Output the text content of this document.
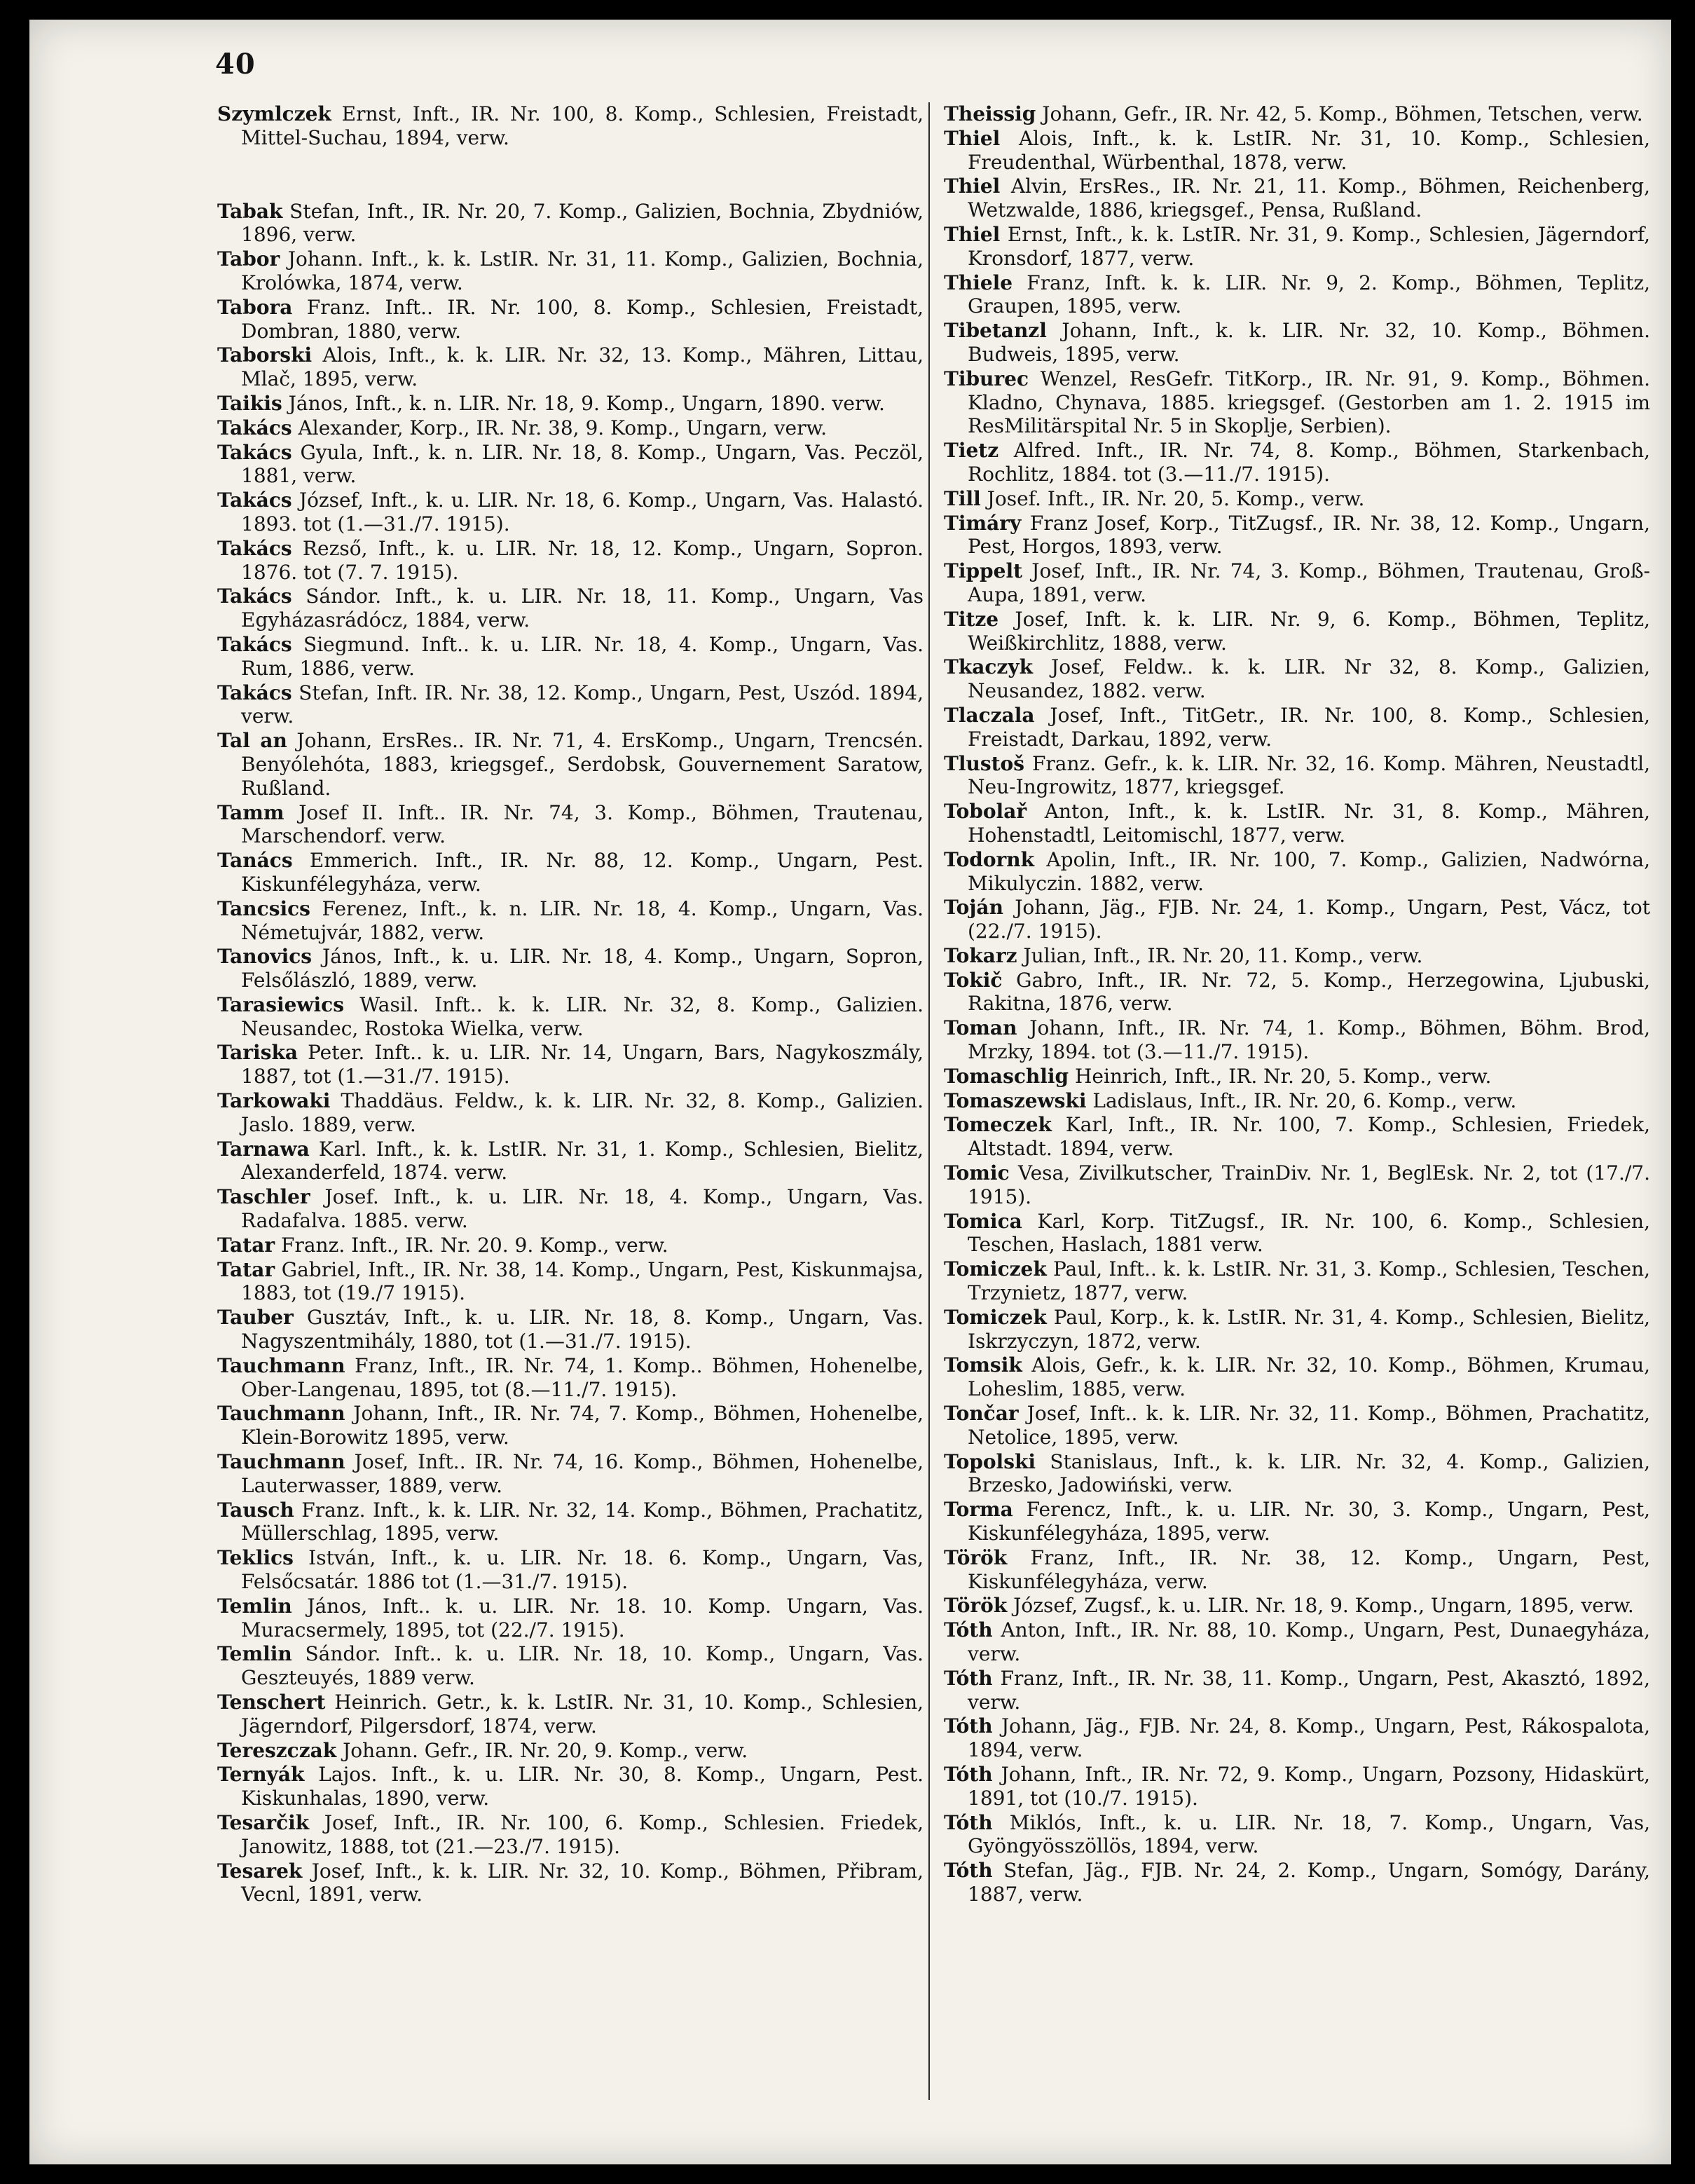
40
Szymlczek Ernst, Inft., IR. Nr. 100, 8. Komp., Schlesien, Freistadt, Mittel-Suchau, 1894, verw.
Tabak Stefan, Inft., IR. Nr. 20, 7. Komp., Galizien, Bochnia, Zbydniów, 1896, verw.
Tabor Johann. Inft., k. k. LstIR. Nr. 31, 11. Komp., Galizien, Bochnia, Krolówka, 1874, verw.
Tabora Franz. Inft.. IR. Nr. 100, 8. Komp., Schlesien, Freistadt, Dombran, 1880, verw.
Taborski Alois, Inft., k. k. LIR. Nr. 32, 13. Komp., Mähren, Littau, Mlač, 1895, verw.
Taikis János, Inft., k. n. LIR. Nr. 18, 9. Komp., Ungarn, 1890. verw.
Takács Alexander, Korp., IR. Nr. 38, 9. Komp., Ungarn, verw.
Takács Gyula, Inft., k. n. LIR. Nr. 18, 8. Komp., Ungarn, Vas. Peczöl, 1881, verw.
Takács József, Inft., k. u. LIR. Nr. 18, 6. Komp., Ungarn, Vas. Halastó. 1893. tot (1.—31./7. 1915).
Takács Rezső, Inft., k. u. LIR. Nr. 18, 12. Komp., Ungarn, Sopron. 1876. tot (7. 7. 1915).
Takács Sándor. Inft., k. u. LIR. Nr. 18, 11. Komp., Ungarn, Vas Egyházasrádócz, 1884, verw.
Takács Siegmund. Inft.. k. u. LIR. Nr. 18, 4. Komp., Ungarn, Vas. Rum, 1886, verw.
Takács Stefan, Inft. IR. Nr. 38, 12. Komp., Ungarn, Pest, Uszód. 1894, verw.
Tal an Johann, ErsRes.. IR. Nr. 71, 4. ErsKomp., Ungarn, Trencsén. Benyólehóta, 1883, kriegsgef., Serdobsk, Gouvernement Saratow, Rußland.
Tamm Josef II. Inft.. IR. Nr. 74, 3. Komp., Böhmen, Trautenau, Marschendorf. verw.
Tanács Emmerich. Inft., IR. Nr. 88, 12. Komp., Ungarn, Pest. Kiskunfélegyháza, verw.
Tancsics Ferenez, Inft., k. n. LIR. Nr. 18, 4. Komp., Ungarn, Vas. Németujvár, 1882, verw.
Tanovics János, Inft., k. u. LIR. Nr. 18, 4. Komp., Ungarn, Sopron, Felsőlászló, 1889, verw.
Tarasiewics Wasil. Inft.. k. k. LIR. Nr. 32, 8. Komp., Galizien. Neusandec, Rostoka Wielka, verw.
Tariska Peter. Inft.. k. u. LIR. Nr. 14, Ungarn, Bars, Nagykoszmály, 1887, tot (1.—31./7. 1915).
Tarkowaki Thaddäus. Feldw., k. k. LIR. Nr. 32, 8. Komp., Galizien. Jaslo. 1889, verw.
Tarnawa Karl. Inft., k. k. LstIR. Nr. 31, 1. Komp., Schlesien, Bielitz, Alexanderfeld, 1874. verw.
Taschler Josef. Inft., k. u. LIR. Nr. 18, 4. Komp., Ungarn, Vas. Radafalva. 1885. verw.
Tatar Franz. Inft., IR. Nr. 20. 9. Komp., verw.
Tatar Gabriel, Inft., IR. Nr. 38, 14. Komp., Ungarn, Pest, Kiskunmajsa, 1883, tot (19./7 1915).
Tauber Gusztáv, Inft., k. u. LIR. Nr. 18, 8. Komp., Ungarn, Vas. Nagyszentmihály, 1880, tot (1.—31./7. 1915).
Tauchmann Franz, Inft., IR. Nr. 74, 1. Komp.. Böhmen, Hohenelbe, Ober-Langenau, 1895, tot (8.—11./7. 1915).
Tauchmann Johann, Inft., IR. Nr. 74, 7. Komp., Böhmen, Hohenelbe, Klein-Borowitz 1895, verw.
Tauchmann Josef, Inft.. IR. Nr. 74, 16. Komp., Böhmen, Hohenelbe, Lauterwasser, 1889, verw.
Tausch Franz. Inft., k. k. LIR. Nr. 32, 14. Komp., Böhmen, Prachatitz, Müllerschlag, 1895, verw.
Teklics István, Inft., k. u. LIR. Nr. 18. 6. Komp., Ungarn, Vas, Felsőcsatár. 1886 tot (1.—31./7. 1915).
Temlin János, Inft.. k. u. LIR. Nr. 18. 10. Komp. Ungarn, Vas. Muracsermely, 1895, tot (22./7. 1915).
Temlin Sándor. Inft.. k. u. LIR. Nr. 18, 10. Komp., Ungarn, Vas. Geszteuyés, 1889 verw.
Tenschert Heinrich. Getr., k. k. LstIR. Nr. 31, 10. Komp., Schlesien, Jägerndorf, Pilgersdorf, 1874, verw.
Tereszczak Johann. Gefr., IR. Nr. 20, 9. Komp., verw.
Ternyák Lajos. Inft., k. u. LIR. Nr. 30, 8. Komp., Ungarn, Pest. Kiskunhalas, 1890, verw.
Tesarčik Josef, Inft., IR. Nr. 100, 6. Komp., Schlesien. Friedek, Janowitz, 1888, tot (21.—23./7. 1915).
Tesarek Josef, Inft., k. k. LIR. Nr. 32, 10. Komp., Böhmen, Přibram, Vecnl, 1891, verw.
Theissig Johann, Gefr., IR. Nr. 42, 5. Komp., Böhmen, Tetschen, verw.
Thiel Alois, Inft., k. k. LstIR. Nr. 31, 10. Komp., Schlesien, Freudenthal, Würbenthal, 1878, verw.
Thiel Alvin, ErsRes., IR. Nr. 21, 11. Komp., Böhmen, Reichenberg, Wetzwalde, 1886, kriegsgef., Pensa, Rußland.
Thiel Ernst, Inft., k. k. LstIR. Nr. 31, 9. Komp., Schlesien, Jägerndorf, Kronsdorf, 1877, verw.
Thiele Franz, Inft. k. k. LIR. Nr. 9, 2. Komp., Böhmen, Teplitz, Graupen, 1895, verw.
Tibetanzl Johann, Inft., k. k. LIR. Nr. 32, 10. Komp., Böhmen. Budweis, 1895, verw.
Tiburec Wenzel, ResGefr. TitKorp., IR. Nr. 91, 9. Komp., Böhmen. Kladno, Chynava, 1885. kriegsgef. (Gestorben am 1. 2. 1915 im ResMilitärspital Nr. 5 in Skoplje, Serbien).
Tietz Alfred. Inft., IR. Nr. 74, 8. Komp., Böhmen, Starkenbach, Rochlitz, 1884. tot (3.—11./7. 1915).
Till Josef. Inft., IR. Nr. 20, 5. Komp., verw.
Timáry Franz Josef, Korp., TitZugsf., IR. Nr. 38, 12. Komp., Ungarn, Pest, Horgos, 1893, verw.
Tippelt Josef, Inft., IR. Nr. 74, 3. Komp., Böhmen, Trautenau, Groß-Aupa, 1891, verw.
Titze Josef, Inft. k. k. LIR. Nr. 9, 6. Komp., Böhmen, Teplitz, Weißkirchlitz, 1888, verw.
Tkaczyk Josef, Feldw.. k. k. LIR. Nr 32, 8. Komp., Galizien, Neusandez, 1882. verw.
Tlaczala Josef, Inft., TitGetr., IR. Nr. 100, 8. Komp., Schlesien, Freistadt, Darkau, 1892, verw.
Tlustoš Franz. Gefr., k. k. LIR. Nr. 32, 16. Komp. Mähren, Neustadtl, Neu-Ingrowitz, 1877, kriegsgef.
Tobolař Anton, Inft., k. k. LstIR. Nr. 31, 8. Komp., Mähren, Hohenstadtl, Leitomischl, 1877, verw.
Todornk Apolin, Inft., IR. Nr. 100, 7. Komp., Galizien, Nadwórna, Mikulyczin. 1882, verw.
Toján Johann, Jäg., FJB. Nr. 24, 1. Komp., Ungarn, Pest, Vácz, tot (22./7. 1915).
Tokarz Julian, Inft., IR. Nr. 20, 11. Komp., verw.
Tokič Gabro, Inft., IR. Nr. 72, 5. Komp., Herzegowina, Ljubuski, Rakitna, 1876, verw.
Toman Johann, Inft., IR. Nr. 74, 1. Komp., Böhmen, Böhm. Brod, Mrzky, 1894. tot (3.—11./7. 1915).
Tomaschlig Heinrich, Inft., IR. Nr. 20, 5. Komp., verw.
Tomaszewski Ladislaus, Inft., IR. Nr. 20, 6. Komp., verw.
Tomeczek Karl, Inft., IR. Nr. 100, 7. Komp., Schlesien, Friedek, Altstadt. 1894, verw.
Tomic Vesa, Zivilkutscher, TrainDiv. Nr. 1, BeglEsk. Nr. 2, tot (17./7. 1915).
Tomica Karl, Korp. TitZugsf., IR. Nr. 100, 6. Komp., Schlesien, Teschen, Haslach, 1881 verw.
Tomiczek Paul, Inft.. k. k. LstIR. Nr. 31, 3. Komp., Schlesien, Teschen, Trzynietz, 1877, verw.
Tomiczek Paul, Korp., k. k. LstIR. Nr. 31, 4. Komp., Schlesien, Bielitz, Iskrzyczyn, 1872, verw.
Tomsik Alois, Gefr., k. k. LIR. Nr. 32, 10. Komp., Böhmen, Krumau, Loheslim, 1885, verw.
Tončar Josef, Inft.. k. k. LIR. Nr. 32, 11. Komp., Böhmen, Prachatitz, Netolice, 1895, verw.
Topolski Stanislaus, Inft., k. k. LIR. Nr. 32, 4. Komp., Galizien, Brzesko, Jadowiński, verw.
Torma Ferencz, Inft., k. u. LIR. Nr. 30, 3. Komp., Ungarn, Pest, Kiskunfélegyháza, 1895, verw.
Török Franz, Inft., IR. Nr. 38, 12. Komp., Ungarn, Pest, Kiskunfélegyháza, verw.
Török József, Zugsf., k. u. LIR. Nr. 18, 9. Komp., Ungarn, 1895, verw.
Tóth Anton, Inft., IR. Nr. 88, 10. Komp., Ungarn, Pest, Dunaegyháza, verw.
Tóth Franz, Inft., IR. Nr. 38, 11. Komp., Ungarn, Pest, Akasztó, 1892, verw.
Tóth Johann, Jäg., FJB. Nr. 24, 8. Komp., Ungarn, Pest, Rákospalota, 1894, verw.
Tóth Johann, Inft., IR. Nr. 72, 9. Komp., Ungarn, Pozsony, Hidaskürt, 1891, tot (10./7. 1915).
Tóth Miklós, Inft., k. u. LIR. Nr. 18, 7. Komp., Ungarn, Vas, Gyöngyösszöllös, 1894, verw.
Tóth Stefan, Jäg., FJB. Nr. 24, 2. Komp., Ungarn, Somógy, Darány, 1887, verw.
